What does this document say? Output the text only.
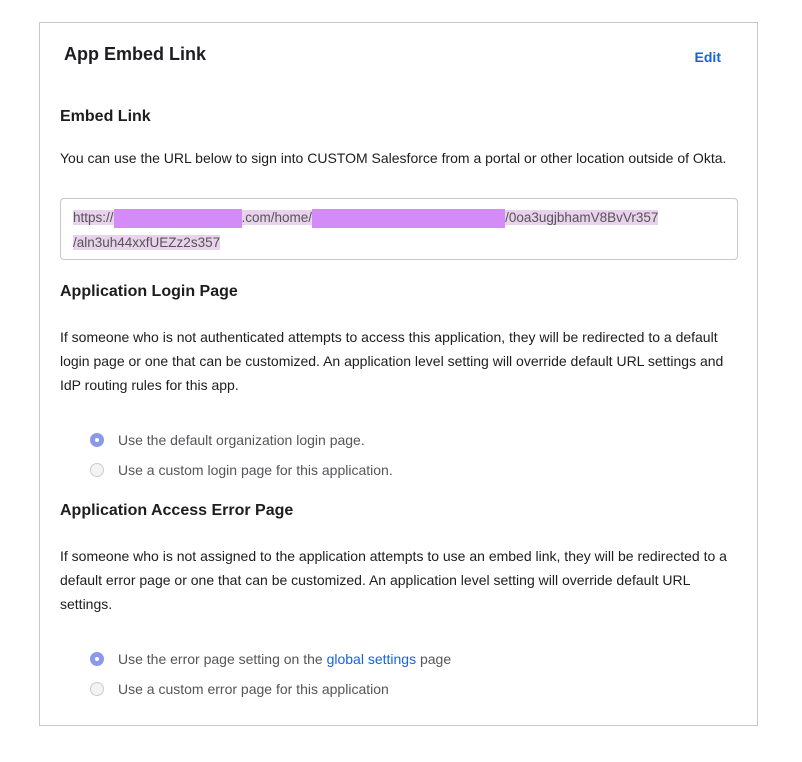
App Embed Link	Edit
Embed Link
You can use the URL below to sign into CUSTOM Salesforce from a portal or other location outside of Okta.
https://	.com/home/	/0oa3ugjbhamV8BvVr357
/aln3uh44xxfUEZz2s357
Application Login Page
If someone who is not authenticated attempts to access this application, they will be redirected to a default login page or one that can be customized. An application level setting will override default URL settings and IdP routing rules for this app.
Use the default organization login page.
Use a custom login page for this application.
Application Access Error Page
If someone who is not assigned to the application attempts to use an embed link, they will be redirected to a default error page or one that can be customized. An application level setting will override default URL settings.
Use the error page setting on the global settings page
Use a custom error page for this application
